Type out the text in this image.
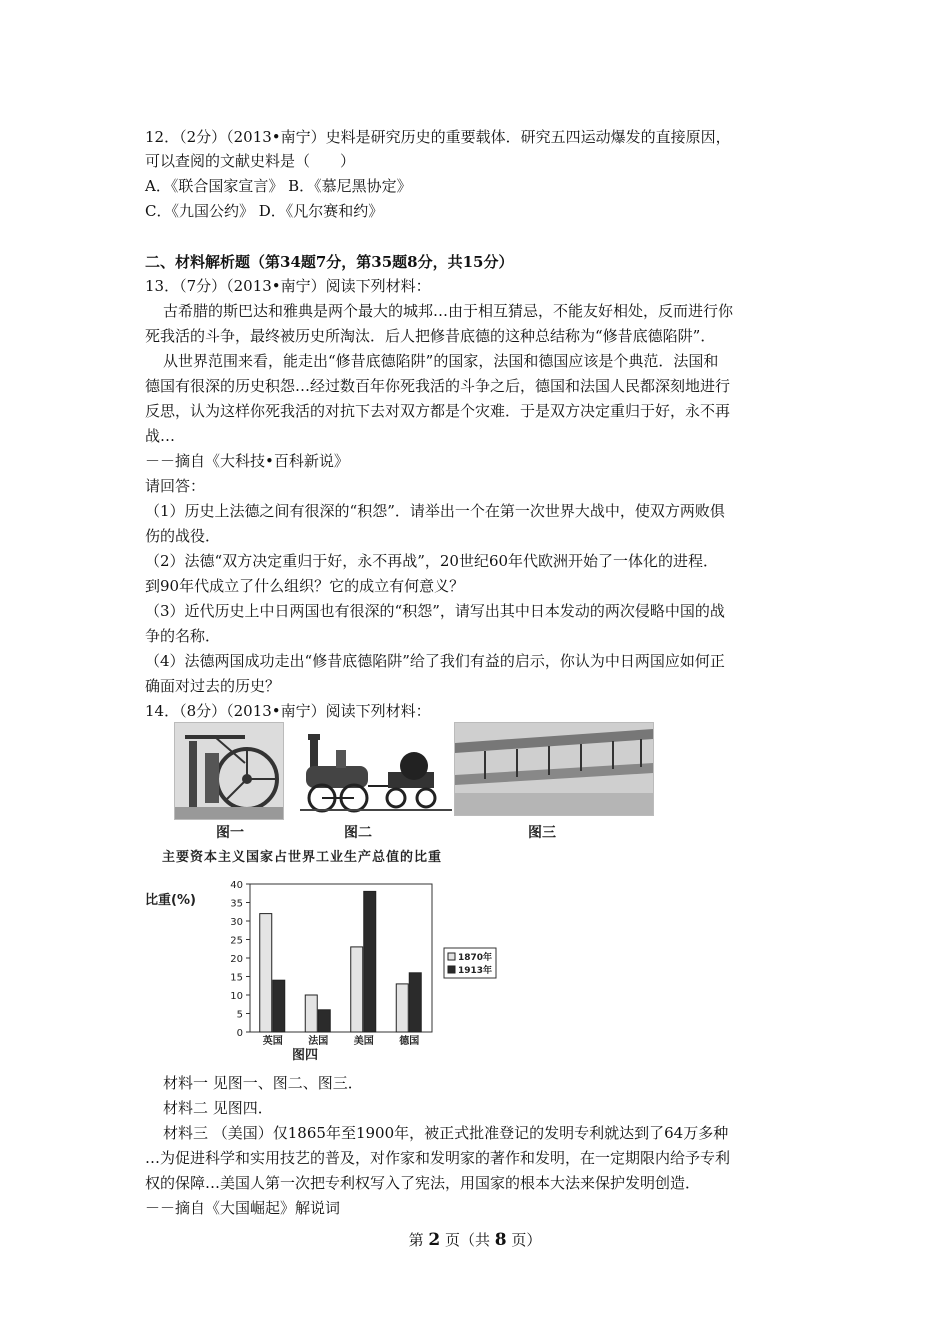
12．（2分）（2013•南宁）史料是研究历史的重要载体．研究五四运动爆发的直接原因，
可以查阅的文献史料是（　　）
A．《联合国家宣言》 B．《慕尼黑协定》
C．《九国公约》 D．《凡尔赛和约》
二、材料解析题（第34题7分，第35题8分，共15分）
13．（7分）（2013•南宁）阅读下列材料：
古希腊的斯巴达和雅典是两个最大的城邦…由于相互猜忌，不能友好相处，反而进行你
死我活的斗争，最终被历史所淘汰．后人把修昔底德的这种总结称为“修昔底德陷阱”．
从世界范围来看，能走出“修昔底德陷阱”的国家，法国和德国应该是个典范．法国和
德国有很深的历史积怨…经过数百年你死我活的斗争之后，德国和法国人民都深刻地进行
反思，认为这样你死我活的对抗下去对双方都是个灾难．于是双方决定重归于好，永不再
战…
－－摘自《大科技•百科新说》
请回答：
（1）历史上法德之间有很深的“积怨”．请举出一个在第一次世界大战中，使双方两败俱
伤的战役．
（2）法德“双方决定重归于好，永不再战”，20世纪60年代欧洲开始了一体化的进程．
到90年代成立了什么组织？它的成立有何意义？
（3）近代历史上中日两国也有很深的“积怨”，请写出其中日本发动的两次侵略中国的战
争的名称．
（4）法德两国成功走出“修昔底德陷阱”给了我们有益的启示，你认为中日两国应如何正
确面对过去的历史？
14．（8分）（2013•南宁）阅读下列材料：
图一	图二	图三
主要资本主义国家占世界工业生产总值的比重
比重(%)
0
5
10
15
20
25
30
35
40
英国	法国	美国	德国
图四
1870年
1913年
材料一 见图一、图二、图三．
材料二 见图四．
材料三 （美国）仅1865年至1900年，被正式批准登记的发明专利就达到了64万多种
…为促进科学和实用技艺的普及，对作家和发明家的著作和发明，在一定期限内给予专利
权的保障…美国人第一次把专利权写入了宪法，用国家的根本大法来保护发明创造．
－－摘自《大国崛起》解说词
第 2 页（共 8 页）
